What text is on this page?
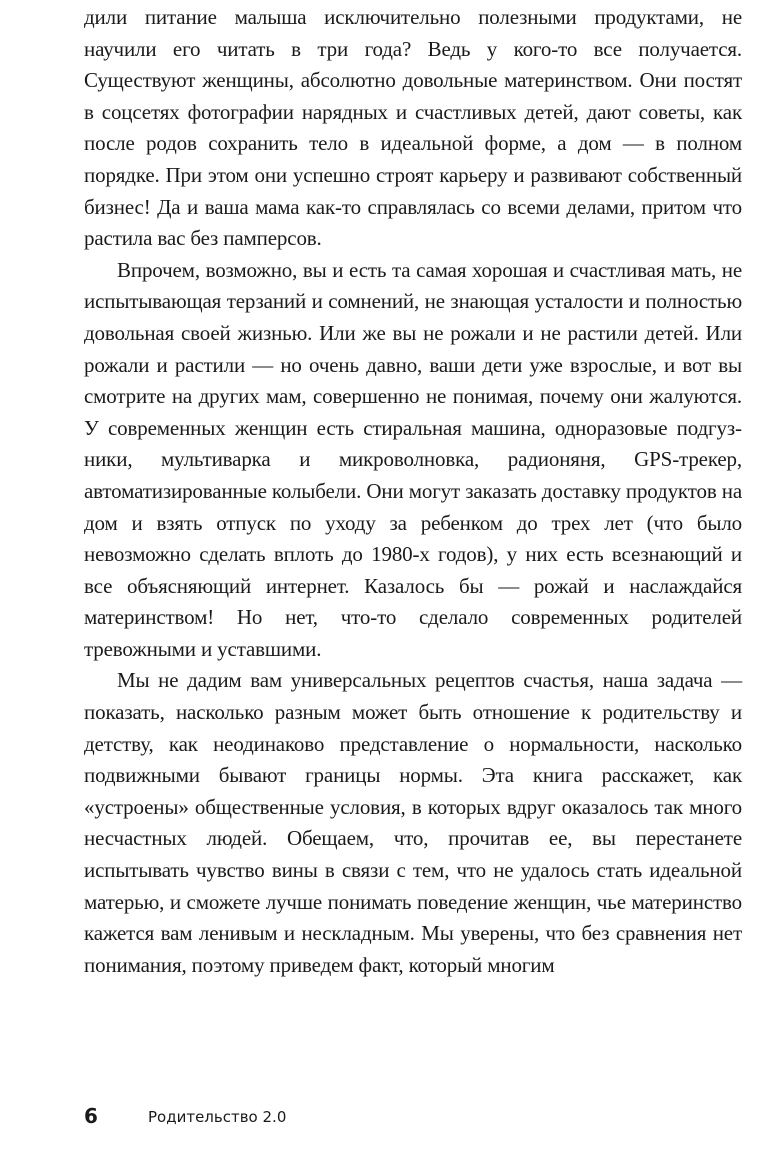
дили питание малыша исключительно полезными продуктами, не научили его читать в три года? Ведь у кого-то все получается. Существуют женщины, абсолютно довольные материнством. Они постят в соцсетях фотографии нарядных и счастливых детей, дают советы, как после родов сохранить тело в идеальной форме, а дом — в полном порядке. При этом они успешно строят карьеру и развивают собственный бизнес! Да и ваша мама как-то справлялась со всеми делами, притом что растила вас без памперсов.

Впрочем, возможно, вы и есть та самая хорошая и счастливая мать, не испытывающая терзаний и сомнений, не знающая усталости и полностью довольная своей жизнью. Или же вы не рожали и не растили детей. Или рожали и растили — но очень давно, ваши дети уже взрослые, и вот вы смотрите на других мам, совершенно не понимая, почему они жалуются. У современных женщин есть стиральная машина, одноразовые подгузники, мультиварка и микроволновка, радионяня, GPS-трекер, автоматизированные колыбели. Они могут заказать доставку продуктов на дом и взять отпуск по уходу за ребенком до трех лет (что было невозможно сделать вплоть до 1980-х годов), у них есть всезнающий и все объясняющий интернет. Казалось бы — рожай и наслаждайся материнством! Но нет, что-то сделало современных родителей тревожными и уставшими.

Мы не дадим вам универсальных рецептов счастья, наша задача — показать, насколько разным может быть отношение к родительству и детству, как неодинаково представление о нормальности, насколько подвижными бывают границы нормы. Эта книга расскажет, как «устроены» общественные условия, в которых вдруг оказалось так много несчастных людей. Обещаем, что, прочитав ее, вы перестанете испытывать чувство вины в связи с тем, что не удалось стать идеальной матерью, и сможете лучше понимать поведение женщин, чье материнство кажется вам ленивым и нескладным. Мы уверены, что без сравнения нет понимания, поэтому приведем факт, который многим

6	Родительство 2.0
